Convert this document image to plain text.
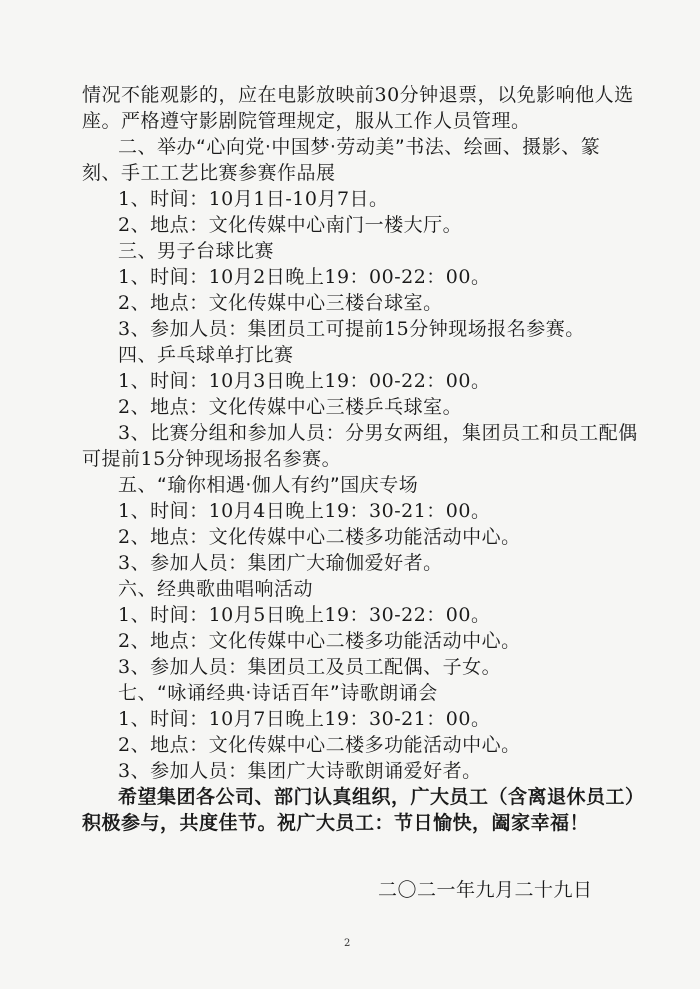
情况不能观影的，应在电影放映前30分钟退票，以免影响他人选
座。严格遵守影剧院管理规定，服从工作人员管理。
二、举办“心向党·中国梦·劳动美”书法、绘画、摄影、篆
刻、手工工艺比赛参赛作品展
1、时间：10月1日-10月7日。
2、地点：文化传媒中心南门一楼大厅。
三、男子台球比赛
1、时间：10月2日晚上19：00-22：00。
2、地点：文化传媒中心三楼台球室。
3、参加人员：集团员工可提前15分钟现场报名参赛。
四、乒乓球单打比赛
1、时间：10月3日晚上19：00-22：00。
2、地点：文化传媒中心三楼乒乓球室。
3、比赛分组和参加人员：分男女两组，集团员工和员工配偶
可提前15分钟现场报名参赛。
五、“瑜你相遇·伽人有约”国庆专场
1、时间：10月4日晚上19：30-21：00。
2、地点：文化传媒中心二楼多功能活动中心。
3、参加人员：集团广大瑜伽爱好者。
六、经典歌曲唱响活动
1、时间：10月5日晚上19：30-22：00。
2、地点：文化传媒中心二楼多功能活动中心。
3、参加人员：集团员工及员工配偶、子女。
七、“咏诵经典·诗话百年”诗歌朗诵会
1、时间：10月7日晚上19：30-21：00。
2、地点：文化传媒中心二楼多功能活动中心。
3、参加人员：集团广大诗歌朗诵爱好者。
希望集团各公司、部门认真组织，广大员工（含离退休员工）
积极参与，共度佳节。祝广大员工：节日愉快，阖家幸福！
二〇二一年九月二十九日
2
